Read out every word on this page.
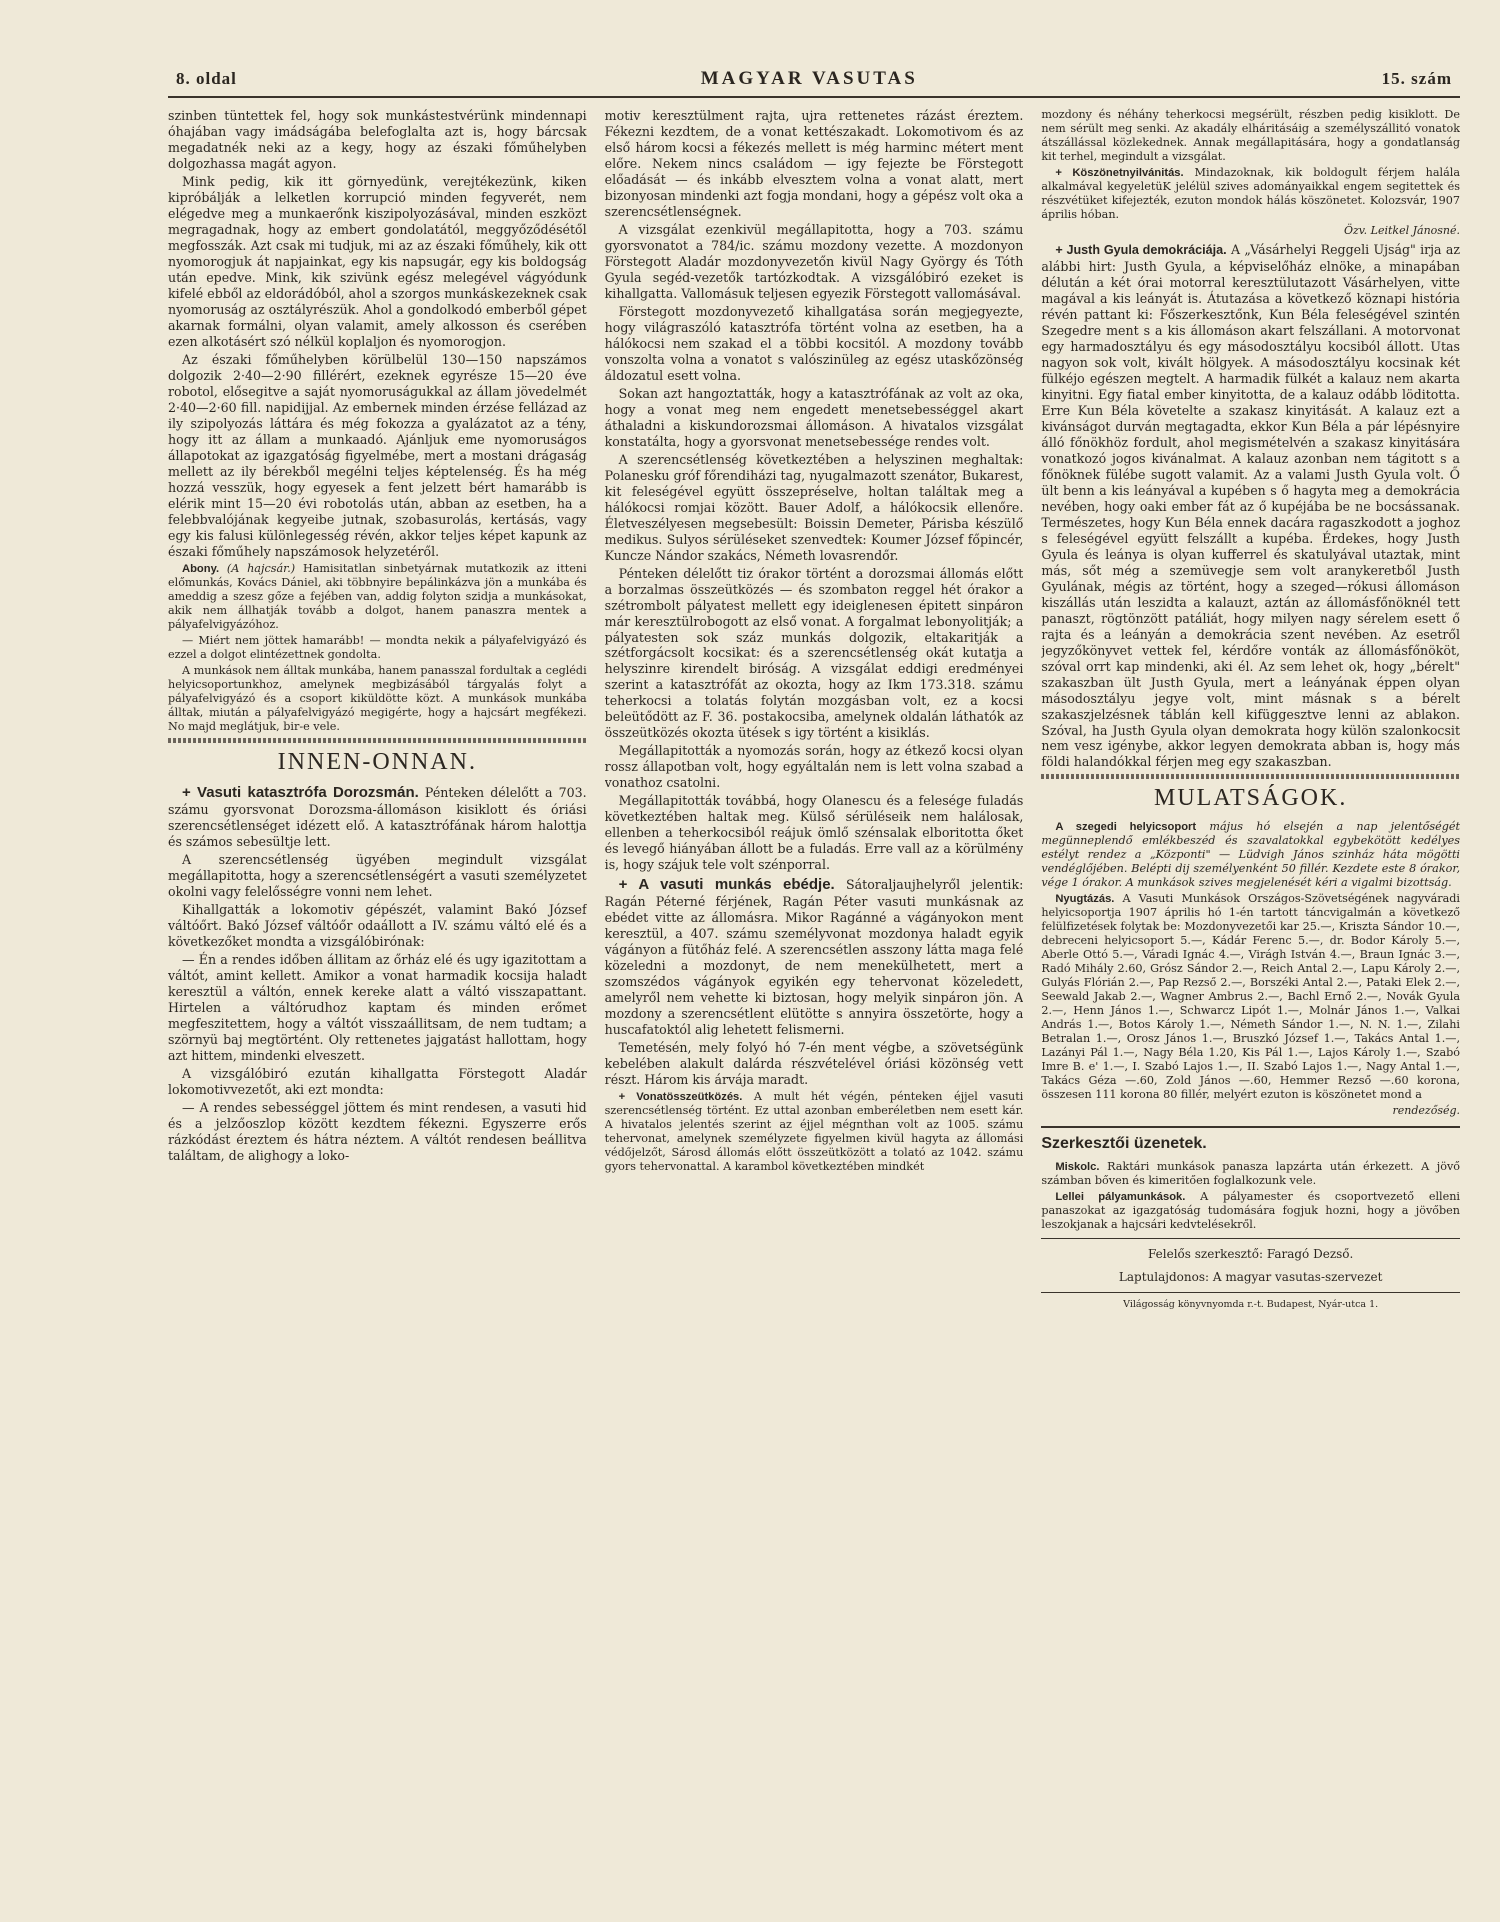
8. oldal	MAGYAR VASUTAS	15. szám

szinben tüntettek fel, hogy sok munkástestvérünk mindennapi óhajában vagy imádságába belefoglalta azt is, hogy bárcsak megadatnék neki az a kegy, hogy az északi főműhelyben dolgozhassa magát agyon.

Mink pedig, kik itt görnyedünk, verejtékezünk, kiken kipróbálják a lelketlen korrupció minden fegyverét, nem elégedve meg a munkaerőnk kiszipolyozásával, minden eszközt megragadnak, hogy az embert gondolatától, meggyőződésétől megfosszák. Azt csak mi tudjuk, mi az az északi főműhely, kik ott nyomorogjuk át napjainkat, egy kis napsugár, egy kis boldogság után epedve. Mink, kik szivünk egész melegével vágyódunk kifelé ebből az eldorádóból, ahol a szorgos munkáskezeknek csak nyomoruság az osztályrészük. Ahol a gondolkodó emberből gépet akarnak formálni, olyan valamit, amely alkosson és cserében ezen alkotásért szó nélkül koplaljon és nyomorogjon.

Az északi főműhelyben körülbelül 130—150 napszámos dolgozik 2·40—2·90 fillérért, ezeknek egyrésze 15—20 éve robotol, elősegitve a saját nyomoruságukkal az állam jövedelmét 2·40—2·60 fill. napidijjal. Az embernek minden érzése fellázad az ily szipolyozás láttára és még fokozza a gyalázatot az a tény, hogy itt az állam a munkaadó. Ajánljuk eme nyomoruságos állapotokat az igazgatóság figyelmébe, mert a mostani drágaság mellett az ily bérekből megélni teljes képtelenség. És ha még hozzá vesszük, hogy egyesek a fent jelzett bért hamarább is elérik mint 15—20 évi robotolás után, abban az esetben, ha a felebbvalójának kegyeibe jutnak, szobasurolás, kertásás, vagy egy kis falusi különlegesség révén, akkor teljes képet kapunk az északi főműhely napszámosok helyzetéről.

Abony. (A hajcsár.) Hamisitatlan sinbetyárnak mutatkozik az itteni előmunkás, Kovács Dániel, aki többnyire bepálinkázva jön a munkába és ameddig a szesz gőze a fejében van, addig folyton szidja a munkásokat, akik nem állhatják tovább a dolgot, hanem panaszra mentek a pályafelvigyázóhoz.

— Miért nem jöttek hamarább! — mondta nekik a pályafelvigyázó és ezzel a dolgot elintézettnek gondolta.

A munkások nem álltak munkába, hanem panasszal fordultak a ceglédi helyicsoportunkhoz, amelynek megbizásából tárgyalás folyt a pályafelvigyázó és a csoport kiküldötte közt. A munkások munkába álltak, miután a pályafelvigyázó megigérte, hogy a hajcsárt megfékezi. No majd meglátjuk, bir-e vele.

INNEN-ONNAN.

+ Vasuti katasztrófa Dorozsmán. Pénteken délelőtt a 703. számu gyorsvonat Dorozsma-állomáson kisiklott és óriási szerencsétlenséget idézett elő. A katasztrófának három halottja és számos sebesültje lett.

A szerencsétlenség ügyében megindult vizsgálat megállapitotta, hogy a szerencsétlenségért a vasuti személyzetet okolni vagy felelősségre vonni nem lehet.

Kihallgatták a lokomotiv gépészét, valamint Bakó József váltóőrt. Bakó József váltóőr odaállott a IV. számu váltó elé és a következőket mondta a vizsgálóbirónak:

— Én a rendes időben állitam az őrház elé és ugy igazitottam a váltót, amint kellett. Amikor a vonat harmadik kocsija haladt keresztül a váltón, ennek kereke alatt a váltó visszapattant. Hirtelen a váltórudhoz kaptam és minden erőmet megfeszitettem, hogy a váltót visszaállitsam, de nem tudtam; a szörnyü baj megtörtént. Oly rettenetes jajgatást hallottam, hogy azt hittem, mindenki elveszett.

A vizsgálóbiró ezután kihallgatta Förstegott Aladár lokomotivvezetőt, aki ezt mondta:

— A rendes sebességgel jöttem és mint rendesen, a vasuti hid és a jelzőoszlop között kezdtem fékezni. Egyszerre erős rázkódást éreztem és hátra néztem. A váltót rendesen beállitva találtam, de alighogy a loko-

motiv keresztülment rajta, ujra rettenetes rázást éreztem. Fékezni kezdtem, de a vonat kettészakadt. Lokomotivom és az első három kocsi a fékezés mellett is még harminc métert ment előre. Nekem nincs családom — igy fejezte be Förstegott előadását — és inkább elvesztem volna a vonat alatt, mert bizonyosan mindenki azt fogja mondani, hogy a gépész volt oka a szerencsétlenségnek.

A vizsgálat ezenkivül megállapitotta, hogy a 703. számu gyorsvonatot a 784/ic. számu mozdony vezette. A mozdonyon Förstegott Aladár mozdonyvezetőn kivül Nagy György és Tóth Gyula segéd-vezetők tartózkodtak. A vizsgálóbiró ezeket is kihallgatta. Vallomásuk teljesen egyezik Förstegott vallomásával.

Förstegott mozdonyvezető kihallgatása során megjegyezte, hogy világraszóló katasztrófa történt volna az esetben, ha a hálókocsi nem szakad el a többi kocsitól. A mozdony tovább vonszolta volna a vonatot s valószinüleg az egész utaskőzönség áldozatul esett volna.

Sokan azt hangoztatták, hogy a katasztrófának az volt az oka, hogy a vonat meg nem engedett menetsebességgel akart áthaladni a kiskundorozsmai állomáson. A hivatalos vizsgálat konstatálta, hogy a gyorsvonat menetsebessége rendes volt.

A szerencsétlenség következtében a helyszinen meghaltak: Polanesku gróf főrendiházi tag, nyugalmazott szenátor, Bukarest, kit feleségével együtt összepréselve, holtan találtak meg a hálókocsi romjai között. Bauer Adolf, a hálókocsik ellenőre. Életveszélyesen megsebesült: Boissin Demeter, Párisba készülő medikus. Sulyos sérüléseket szenvedtek: Koumer József főpincér, Kuncze Nándor szakács, Németh lovasrendőr.

Pénteken délelőtt tiz órakor történt a dorozsmai állomás előtt a borzalmas összeütközés — és szombaton reggel hét órakor a szétrombolt pályatest mellett egy ideiglenesen épitett sinpáron már keresztülrobogott az első vonat. A forgalmat lebonyolitják; a pályatesten sok száz munkás dolgozik, eltakaritják a szétforgácsolt kocsikat: és a szerencsétlenség okát kutatja a helyszinre kirendelt biróság. A vizsgálat eddigi eredményei szerint a katasztrófát az okozta, hogy az Ikm 173.318. számu teherkocsi a tolatás folytán mozgásban volt, ez a kocsi beleütődött az F. 36. postakocsiba, amelynek oldalán láthatók az összeütközés okozta ütések s igy történt a kisiklás.

Megállapitották a nyomozás során, hogy az étkező kocsi olyan rossz állapotban volt, hogy egyáltalán nem is lett volna szabad a vonathoz csatolni.

Megállapitották továbbá, hogy Olanescu és a felesége fuladás következtében haltak meg. Külső sérüléseik nem halálosak, ellenben a teherkocsiból reájuk ömlő szénsalak elboritotta őket és levegő hiányában állott be a fuladás. Erre vall az a körülmény is, hogy szájuk tele volt szénporral.

+ A vasuti munkás ebédje. Sátoraljaujhelyről jelentik: Ragán Péterné férjének, Ragán Péter vasuti munkásnak az ebédet vitte az állomásra. Mikor Ragánné a vágányokon ment keresztül, a 407. számu személyvonat mozdonya haladt egyik vágányon a fütőház felé. A szerencsétlen asszony látta maga felé közeledni a mozdonyt, de nem menekülhetett, mert a szomszédos vágányok egyikén egy tehervonat közeledett, amelyről nem vehette ki biztosan, hogy melyik sinpáron jön. A mozdony a szerencsétlent elütötte s annyira összetörte, hogy a huscafatoktól alig lehetett felismerni.

Temetésén, mely folyó hó 7-én ment végbe, a szövetségünk kebelében alakult dalárda részvételével óriási közönség vett részt. Három kis árvája maradt.

+ Vonatösszeütközés. A mult hét végén, pénteken éjjel vasuti szerencsétlenség történt. Ez uttal azonban emberéletben nem esett kár. A hivatalos jelentés szerint az éjjel mégnthan volt az 1005. számu tehervonat, amelynek személyzete figyelmen kivül hagyta az állomási védőjelzőt, Sárosd állomás előtt összeütközött a tolató az 1042. számu gyors tehervonattal. A karambol következtében mindkét

mozdony és néhány teherkocsi megsérült, részben pedig kisiklott. De nem sérült meg senki. Az akadály elháritásáig a személyszállitó vonatok átszállással közlekednek. Annak megállapitására, hogy a gondatlanság kit terhel, megindult a vizsgálat.

+ Köszönetnyilvánitás. Mindazoknak, kik boldogult férjem halála alkalmával kegyeletüK jelélül szives adományaikkal engem segitettek és részvétüket kifejezték, ezuton mondok hálás köszönetet. Kolozsvár, 1907 április hóban.

Özv. Leitkel Jánosné.

+ Justh Gyula demokráciája. A „Vásárhelyi Reggeli Ujság" irja az alábbi hirt: Justh Gyula, a képviselőház elnöke, a minapában délután a két órai motorral keresztülutazott Vásárhelyen, vitte magával a kis leányát is. Átutazása a következő köznapi história révén pattant ki: Főszerkesztőnk, Kun Béla feleségével szintén Szegedre ment s a kis állomáson akart felszállani. A motorvonat egy harmadosztályu és egy másodosztályu kocsiból állott. Utas nagyon sok volt, kivált hölgyek. A másodosztályu kocsinak két fülkéjo egészen megtelt. A harmadik fülkét a kalauz nem akarta kinyitni. Egy fiatal ember kinyitotta, de a kalauz odább löditotta. Erre Kun Béla követelte a szakasz kinyitását. A kalauz ezt a kivánságot durván megtagadta, ekkor Kun Béla a pár lépésnyire álló főnökhöz fordult, ahol megismételvén a szakasz kinyitására vonatkozó jogos kivánalmat. A kalauz azonban nem tágitott s a főnöknek fülébe sugott valamit. Az a valami Justh Gyula volt. Ő ült benn a kis leányával a kupében s ő hagyta meg a demokrácia nevében, hogy oaki ember fát az ő kupéjába be ne bocsássanak. Természetes, hogy Kun Béla ennek dacára ragaszkodott a joghoz s feleségével együtt felszállt a kupéba. Érdekes, hogy Justh Gyula és leánya is olyan kufferrel és skatulyával utaztak, mint más, sőt még a szemüvegje sem volt aranykeretből Justh Gyulának, mégis az történt, hogy a szeged—rókusi állomáson kiszállás után leszidta a kalauzt, aztán az állomásfőnöknél tett panaszt, rögtönzött patáliát, hogy milyen nagy sérelem esett ő rajta és a leányán a demokrácia szent nevében. Az esetről jegyzőkönyvet vettek fel, kérdőre vonták az állomásfőnököt, szóval orrt kap mindenki, aki él. Az sem lehet ok, hogy „bérelt" szakaszban ült Justh Gyula, mert a leányának éppen olyan másodosztályu jegye volt, mint másnak s a bérelt szakaszjelzésnek táblán kell kifüggesztve lenni az ablakon. Szóval, ha Justh Gyula olyan demokrata hogy külön szalonkocsit nem vesz igénybe, akkor legyen demokrata abban is, hogy más földi halandókkal férjen meg egy szakaszban.

MULATSÁGOK.

A szegedi helyicsoport május hó elsején a nap jelentőségét megünneplendő emlékbeszéd és szavalatokkal egybekötött kedélyes estélyt rendez a „Központi" — Lüdvigh János szinház háta mögötti vendéglőjében. Belépti dij személyenként 50 fillér. Kezdete este 8 órakor, vége 1 órakor. A munkások szives megjelenését kéri a vigalmi bizottság.

Nyugtázás. A Vasuti Munkások Országos-Szövetségének nagyváradi helyicsoportja 1907 április hó 1-én tartott táncvigalmán a következő felülfizetések folytak be: Mozdonyvezetői kar 25.—, Kriszta Sándor 10.—, debreceni helyicsoport 5.—, Kádár Ferenc 5.—, dr. Bodor Károly 5.—, Aberle Ottó 5.—, Váradi Ignác 4.—, Virágh István 4.—, Braun Ignác 3.—, Radó Mihály 2.60, Grósz Sándor 2.—, Reich Antal 2.—, Lapu Károly 2.—, Gulyás Flórián 2.—, Pap Rezső 2.—, Borszéki Antal 2.—, Pataki Elek 2.—, Seewald Jakab 2.—, Wagner Ambrus 2.—, Bachl Ernő 2.—, Novák Gyula 2.—, Henn János 1.—, Schwarcz Lipót 1.—, Molnár János 1.—, Valkai András 1.—, Botos Károly 1.—, Németh Sándor 1.—, N. N. 1.—, Zilahi Betralan 1.—, Orosz János 1.—, Bruszkó József 1.—, Takács Antal 1.—, Lazányi Pál 1.—, Nagy Béla 1.20, Kis Pál 1.—, Lajos Károly 1.—, Szabó Imre B. e' 1.—, I. Szabó Lajos 1.—, II. Szabó Lajos 1.—, Nagy Antal 1.—, Takács Géza —.60, Zold János —.60, Hemmer Rezső —.60 korona, összesen 111 korona 80 fillér, melyért ezuton is köszönetet mond a

rendezőség.
Szerkesztői üzenetek.

Miskolc. Raktári munkások panasza lapzárta után érkezett. A jövő számban bőven és kimeritően foglalkozunk vele.

Lellei pályamunkások. A pályamester és csoportvezető elleni panaszokat az igazgatóság tudomására fogjuk hozni, hogy a jövőben leszokjanak a hajcsári kedvtelésekről.

Felelős szerkesztő: Faragó Dezső.
Laptulajdonos: A magyar vasutas-szervezet
Világosság könyvnyomda r.-t. Budapest, Nyár-utca 1.
